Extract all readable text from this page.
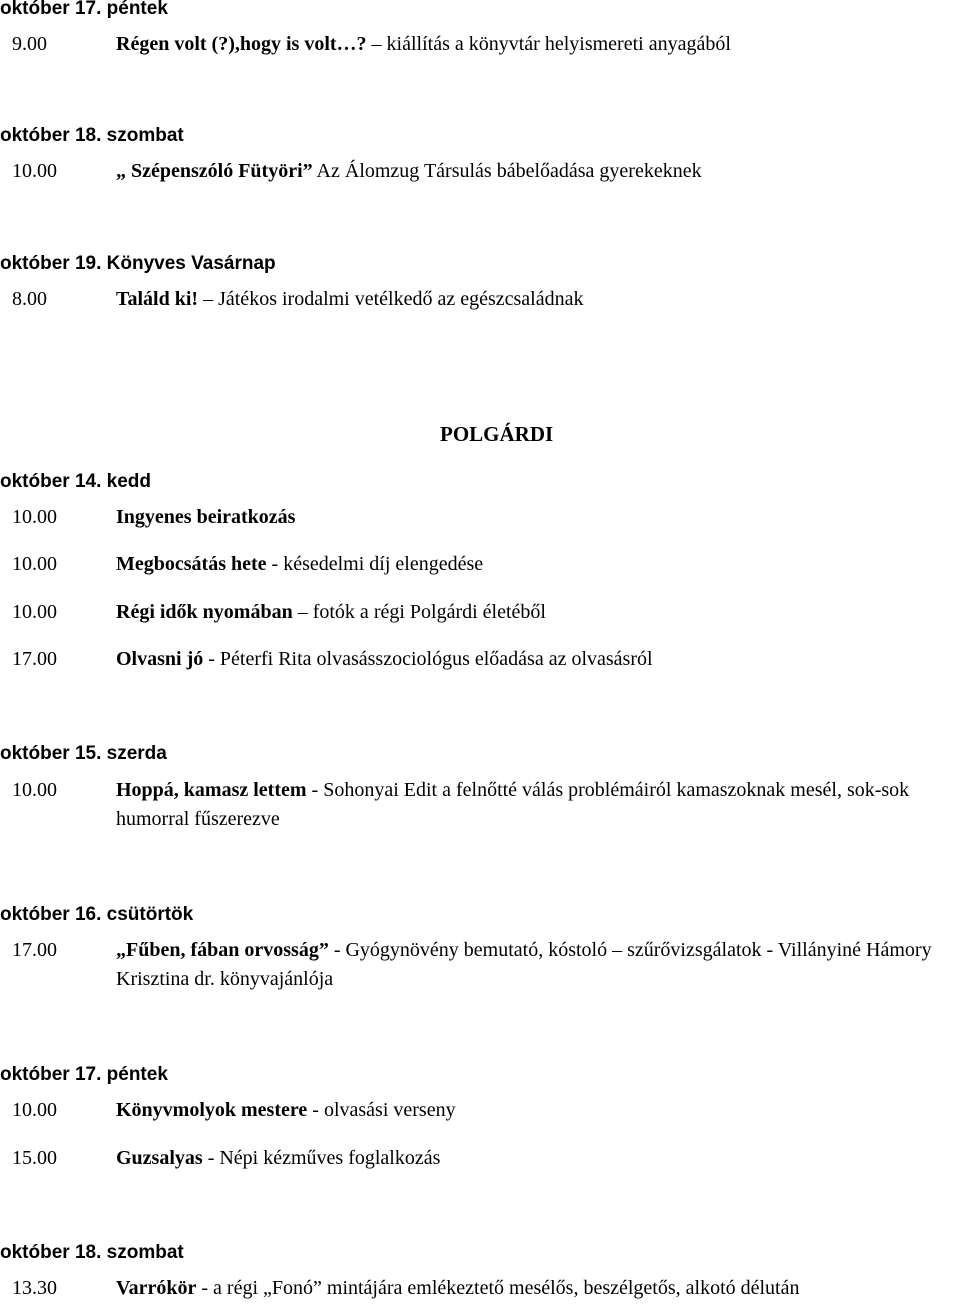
október 17. péntek
9.00	Régen volt (?),hogy is volt…? – kiállítás a könyvtár helyismereti anyagából
október 18. szombat
10.00	„ Szépenszóló Fütyöri” Az Álomzug Társulás bábelőadása gyerekeknek
október 19. Könyves Vasárnap
8.00	Találd ki! – Játékos irodalmi vetélkedő az egészcsaládnak
POLGÁRDI
október 14. kedd
10.00	Ingyenes beiratkozás
10.00	Megbocsátás hete - késedelmi díj elengedése
10.00	Régi idők nyomában – fotók a régi Polgárdi életéből
17.00	Olvasni jó - Péterfi Rita olvasásszociológus előadása az olvasásról
október 15. szerda
10.00	Hoppá, kamasz lettem - Sohonyai Edit a felnőtté válás problémáiról kamaszoknak mesél, sok-sok humorral fűszerezve
október 16. csütörtök
17.00	„Fűben, fában orvosság” - Gyógynövény bemutató, kóstoló – szűrővizsgálatok - Villányiné Hámory Krisztina dr. könyvajánlója
október 17. péntek
10.00	Könyvmolyok mestere - olvasási verseny
15.00	Guzsalyas - Népi kézműves foglalkozás
október 18. szombat
13.30	Varrókör - a régi „Fonó” mintájára emlékeztető mesélős, beszélgetős, alkotó délután
